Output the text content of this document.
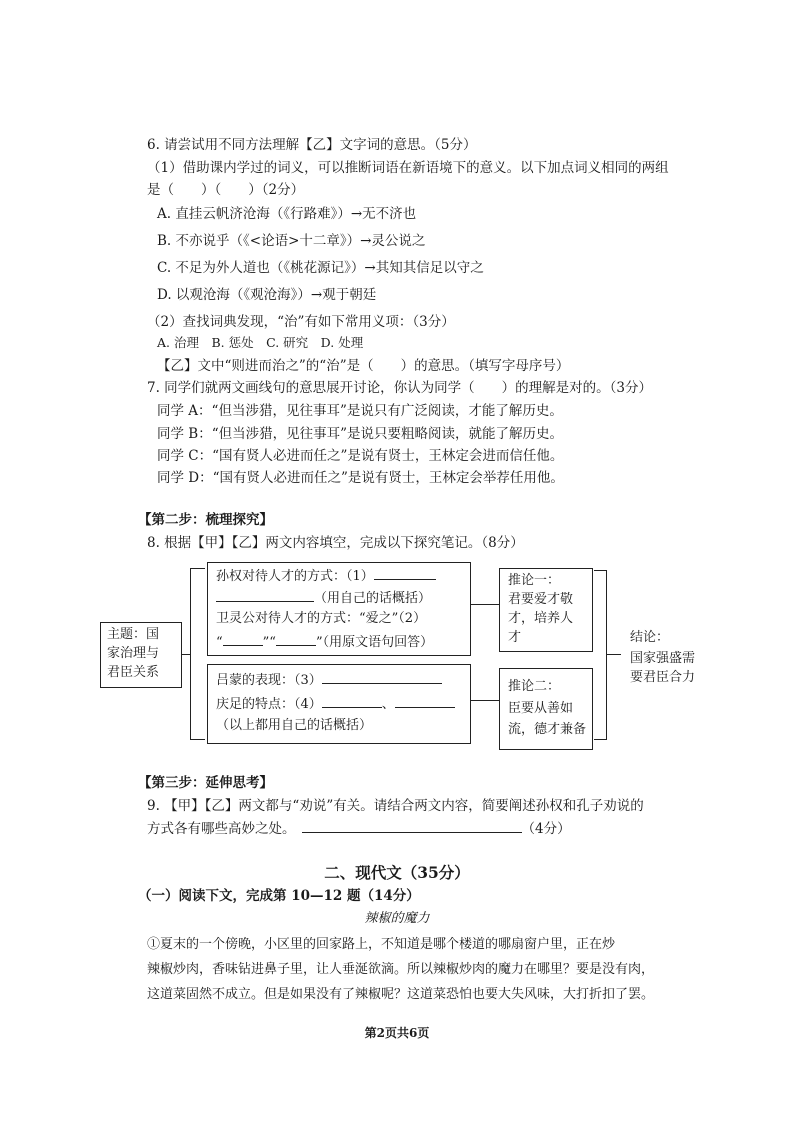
6. 请尝试用不同方法理解【乙】文字词的意思。（5分）
（1）借助课内学过的词义，可以推断词语在新语境下的意义。以下加点词义相同的两组
是（　　）（　　）（2分）
A. 直挂云帆济沧海（《行路难》）→无不济也
B. 不亦说乎（《<论语>十二章》）→灵公说之
C. 不足为外人道也（《桃花源记》）→其知其信足以守之
D. 以观沧海（《观沧海》）→观于朝廷
（2）查找词典发现，“治”有如下常用义项：（3分）
A. 治理　B. 惩处　C. 研究　D. 处理
【乙】文中“则进而治之”的“治”是（　　）的意思。（填写字母序号）
7. 同学们就两文画线句的意思展开讨论，你认为同学（　　）的理解是对的。（3分）
同学 A：“但当涉猎，见往事耳”是说只有广泛阅读，才能了解历史。
同学 B：“但当涉猎，见往事耳”是说只要粗略阅读，就能了解历史。
同学 C：“国有贤人必进而任之”是说有贤士，王林定会进而信任他。
同学 D：“国有贤人必进而任之”是说有贤士，王林定会举荐任用他。
【第二步：梳理探究】
8. 根据【甲】【乙】两文内容填空，完成以下探究笔记。（8分）
主题：国
家治理与
君臣关系
孙权对待人才的方式：（1）
（用自己的话概括）
卫灵公对待人才的方式：“爱之”（2）
“	”“	”（用原文语句回答）
吕蒙的表现：（3）
庆足的特点：（4）	、
（以上都用自己的话概括）
推论一：
君要爱才敬
才，培养人
才
推论二：
臣要从善如
流，德才兼备
结论：
国家强盛需
要君臣合力
【第三步：延伸思考】
9. 【甲】【乙】两文都与“劝说”有关。请结合两文内容，简要阐述孙权和孔子劝说的
方式各有哪些高妙之处。	（4分）
二、现代文（35分）
（一）阅读下文，完成第 10—12 题（14分）
辣椒的魔力
①夏末的一个傍晚，小区里的回家路上，不知道是哪个楼道的哪扇窗户里，正在炒
辣椒炒肉，香味钻进鼻子里，让人垂涎欲滴。所以辣椒炒肉的魔力在哪里？要是没有肉，
这道菜固然不成立。但是如果没有了辣椒呢？这道菜恐怕也要大失风味，大打折扣了罢。
第2页共6页
